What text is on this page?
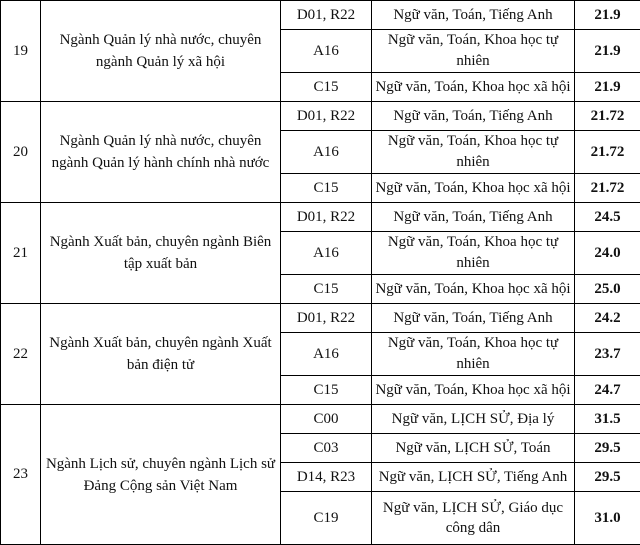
19	Ngành Quản lý nhà nước, chuyên ngành Quản lý xã hội	D01, R22	Ngữ văn, Toán, Tiếng Anh	21.9
		A16	Ngữ văn, Toán, Khoa học tự nhiên	21.9
		C15	Ngữ văn, Toán, Khoa học xã hội	21.9
20	Ngành Quản lý nhà nước, chuyên ngành Quản lý hành chính nhà nước	D01, R22	Ngữ văn, Toán, Tiếng Anh	21.72
		A16	Ngữ văn, Toán, Khoa học tự nhiên	21.72
		C15	Ngữ văn, Toán, Khoa học xã hội	21.72
21	Ngành Xuất bản, chuyên ngành Biên tập xuất bản	D01, R22	Ngữ văn, Toán, Tiếng Anh	24.5
		A16	Ngữ văn, Toán, Khoa học tự nhiên	24.0
		C15	Ngữ văn, Toán, Khoa học xã hội	25.0
22	Ngành Xuất bản, chuyên ngành Xuất bản điện tử	D01, R22	Ngữ văn, Toán, Tiếng Anh	24.2
		A16	Ngữ văn, Toán, Khoa học tự nhiên	23.7
		C15	Ngữ văn, Toán, Khoa học xã hội	24.7
23	Ngành Lịch sử, chuyên ngành Lịch sử Đảng Cộng sản Việt Nam	C00	Ngữ văn, LỊCH SỬ, Địa lý	31.5
		C03	Ngữ văn, LỊCH SỬ, Toán	29.5
		D14, R23	Ngữ văn, LỊCH SỬ, Tiếng Anh	29.5
		C19	Ngữ văn, LỊCH SỬ, Giáo dục công dân	31.0
